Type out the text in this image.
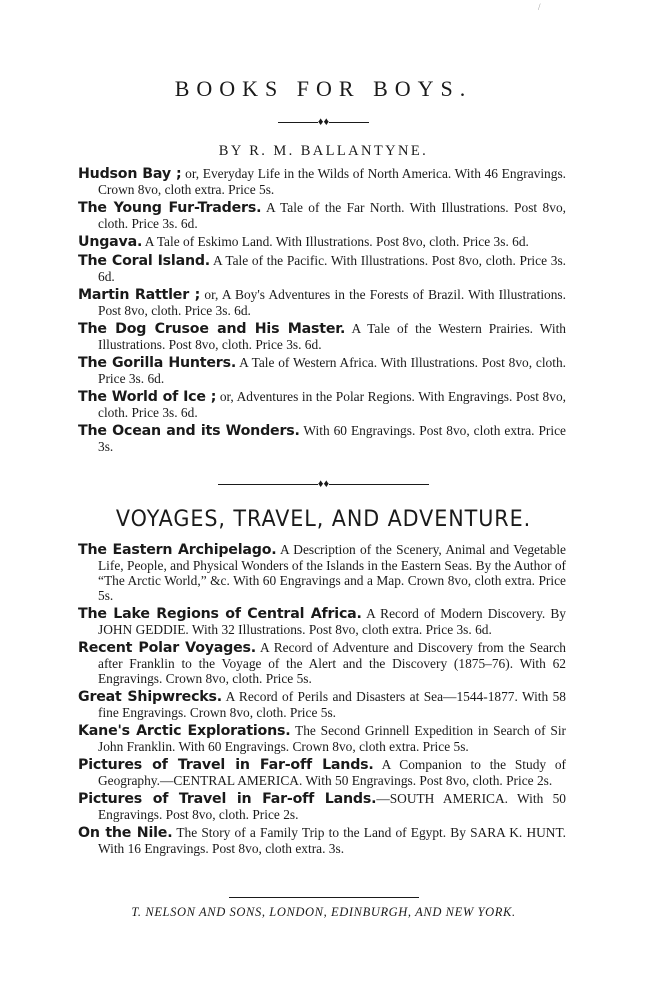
/
BOOKS FOR BOYS.
♦♦
BY R. M. BALLANTYNE.
Hudson Bay ; or, Everyday Life in the Wilds of North America. With 46 Engravings. Crown 8vo, cloth extra. Price 5s.
The Young Fur-Traders. A Tale of the Far North. With Illustrations. Post 8vo, cloth. Price 3s. 6d.
Ungava. A Tale of Eskimo Land. With Illustrations. Post 8vo, cloth. Price 3s. 6d.
The Coral Island. A Tale of the Pacific. With Illustrations. Post 8vo, cloth. Price 3s. 6d.
Martin Rattler ; or, A Boy's Adventures in the Forests of Brazil. With Illustrations. Post 8vo, cloth. Price 3s. 6d.
The Dog Crusoe and His Master. A Tale of the Western Prairies. With Illustrations. Post 8vo, cloth. Price 3s. 6d.
The Gorilla Hunters. A Tale of Western Africa. With Illustrations. Post 8vo, cloth. Price 3s. 6d.
The World of Ice ; or, Adventures in the Polar Regions. With Engravings. Post 8vo, cloth. Price 3s. 6d.
The Ocean and its Wonders. With 60 Engravings. Post 8vo, cloth extra. Price 3s.
♦♦
VOYAGES, TRAVEL, AND ADVENTURE.
The Eastern Archipelago. A Description of the Scenery, Animal and Vegetable Life, People, and Physical Wonders of the Islands in the Eastern Seas. By the Author of “The Arctic World,” &c. With 60 Engravings and a Map. Crown 8vo, cloth extra. Price 5s.
The Lake Regions of Central Africa. A Record of Modern Discovery. By JOHN GEDDIE. With 32 Illustrations. Post 8vo, cloth extra. Price 3s. 6d.
Recent Polar Voyages. A Record of Adventure and Discovery from the Search after Franklin to the Voyage of the Alert and the Discovery (1875–76). With 62 Engravings. Crown 8vo, cloth. Price 5s.
Great Shipwrecks. A Record of Perils and Disasters at Sea—1544-1877. With 58 fine Engravings. Crown 8vo, cloth. Price 5s.
Kane's Arctic Explorations. The Second Grinnell Expedition in Search of Sir John Franklin. With 60 Engravings. Crown 8vo, cloth extra. Price 5s.
Pictures of Travel in Far-off Lands. A Companion to the Study of Geography.—CENTRAL AMERICA. With 50 Engravings. Post 8vo, cloth. Price 2s.
Pictures of Travel in Far-off Lands.—SOUTH AMERICA. With 50 Engravings. Post 8vo, cloth. Price 2s.
On the Nile. The Story of a Family Trip to the Land of Egypt. By SARA K. HUNT. With 16 Engravings. Post 8vo, cloth extra. 3s.
T. NELSON AND SONS, LONDON, EDINBURGH, AND NEW YORK.
